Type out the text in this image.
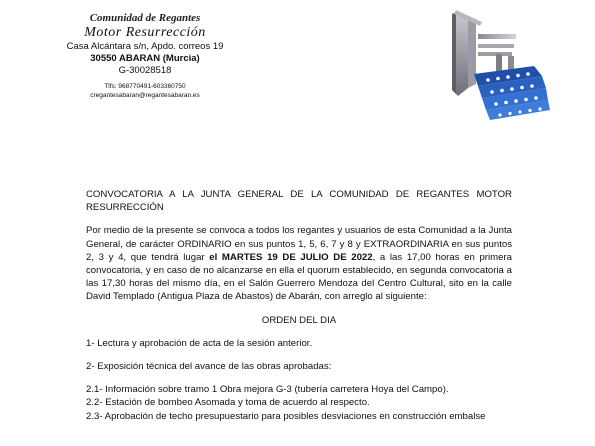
Comunidad de Regantes
Motor Resurrección
Casa Alcántara s/n, Apdo. correos 19
30550 ABARAN (Murcia)
G-30028518
Tlfs: 968770491-603360750
cregantesabaran@regantesabaran.es

CONVOCATORIA A LA JUNTA GENERAL DE LA COMUNIDAD DE REGANTES MOTOR RESURRECCIÓN

Por medio de la presente se convoca a todos los regantes y usuarios de esta Comunidad a la Junta General, de carácter ORDINARIO en sus puntos 1, 5, 6, 7 y 8 y EXTRAORDINARIA en sus puntos 2, 3 y 4, que tendrá lugar el MARTES 19 DE JULIO DE 2022, a las 17,00 horas en primera convocatoria, y en caso de no alcanzarse en ella el quorum establecido, en segunda convocatoria a las 17,30 horas del mismo día, en el Salón Guerrero Mendoza del Centro Cultural, sito en la calle David Templado (Antigua Plaza de Abastos) de Abarán, con arreglo al siguiente:

ORDEN DEL DIA

1- Lectura y aprobación de acta de la sesión anterior.

2- Exposición técnica del avance de las obras aprobadas:

2.1- Información sobre tramo 1 Obra mejora G-3 (tubería carretera Hoya del Campo).

2.2- Estación de bombeo Asomada y toma de acuerdo al respecto.

2.3- Aprobación de techo presupuestario para posibles desviaciones en construcción embalse
